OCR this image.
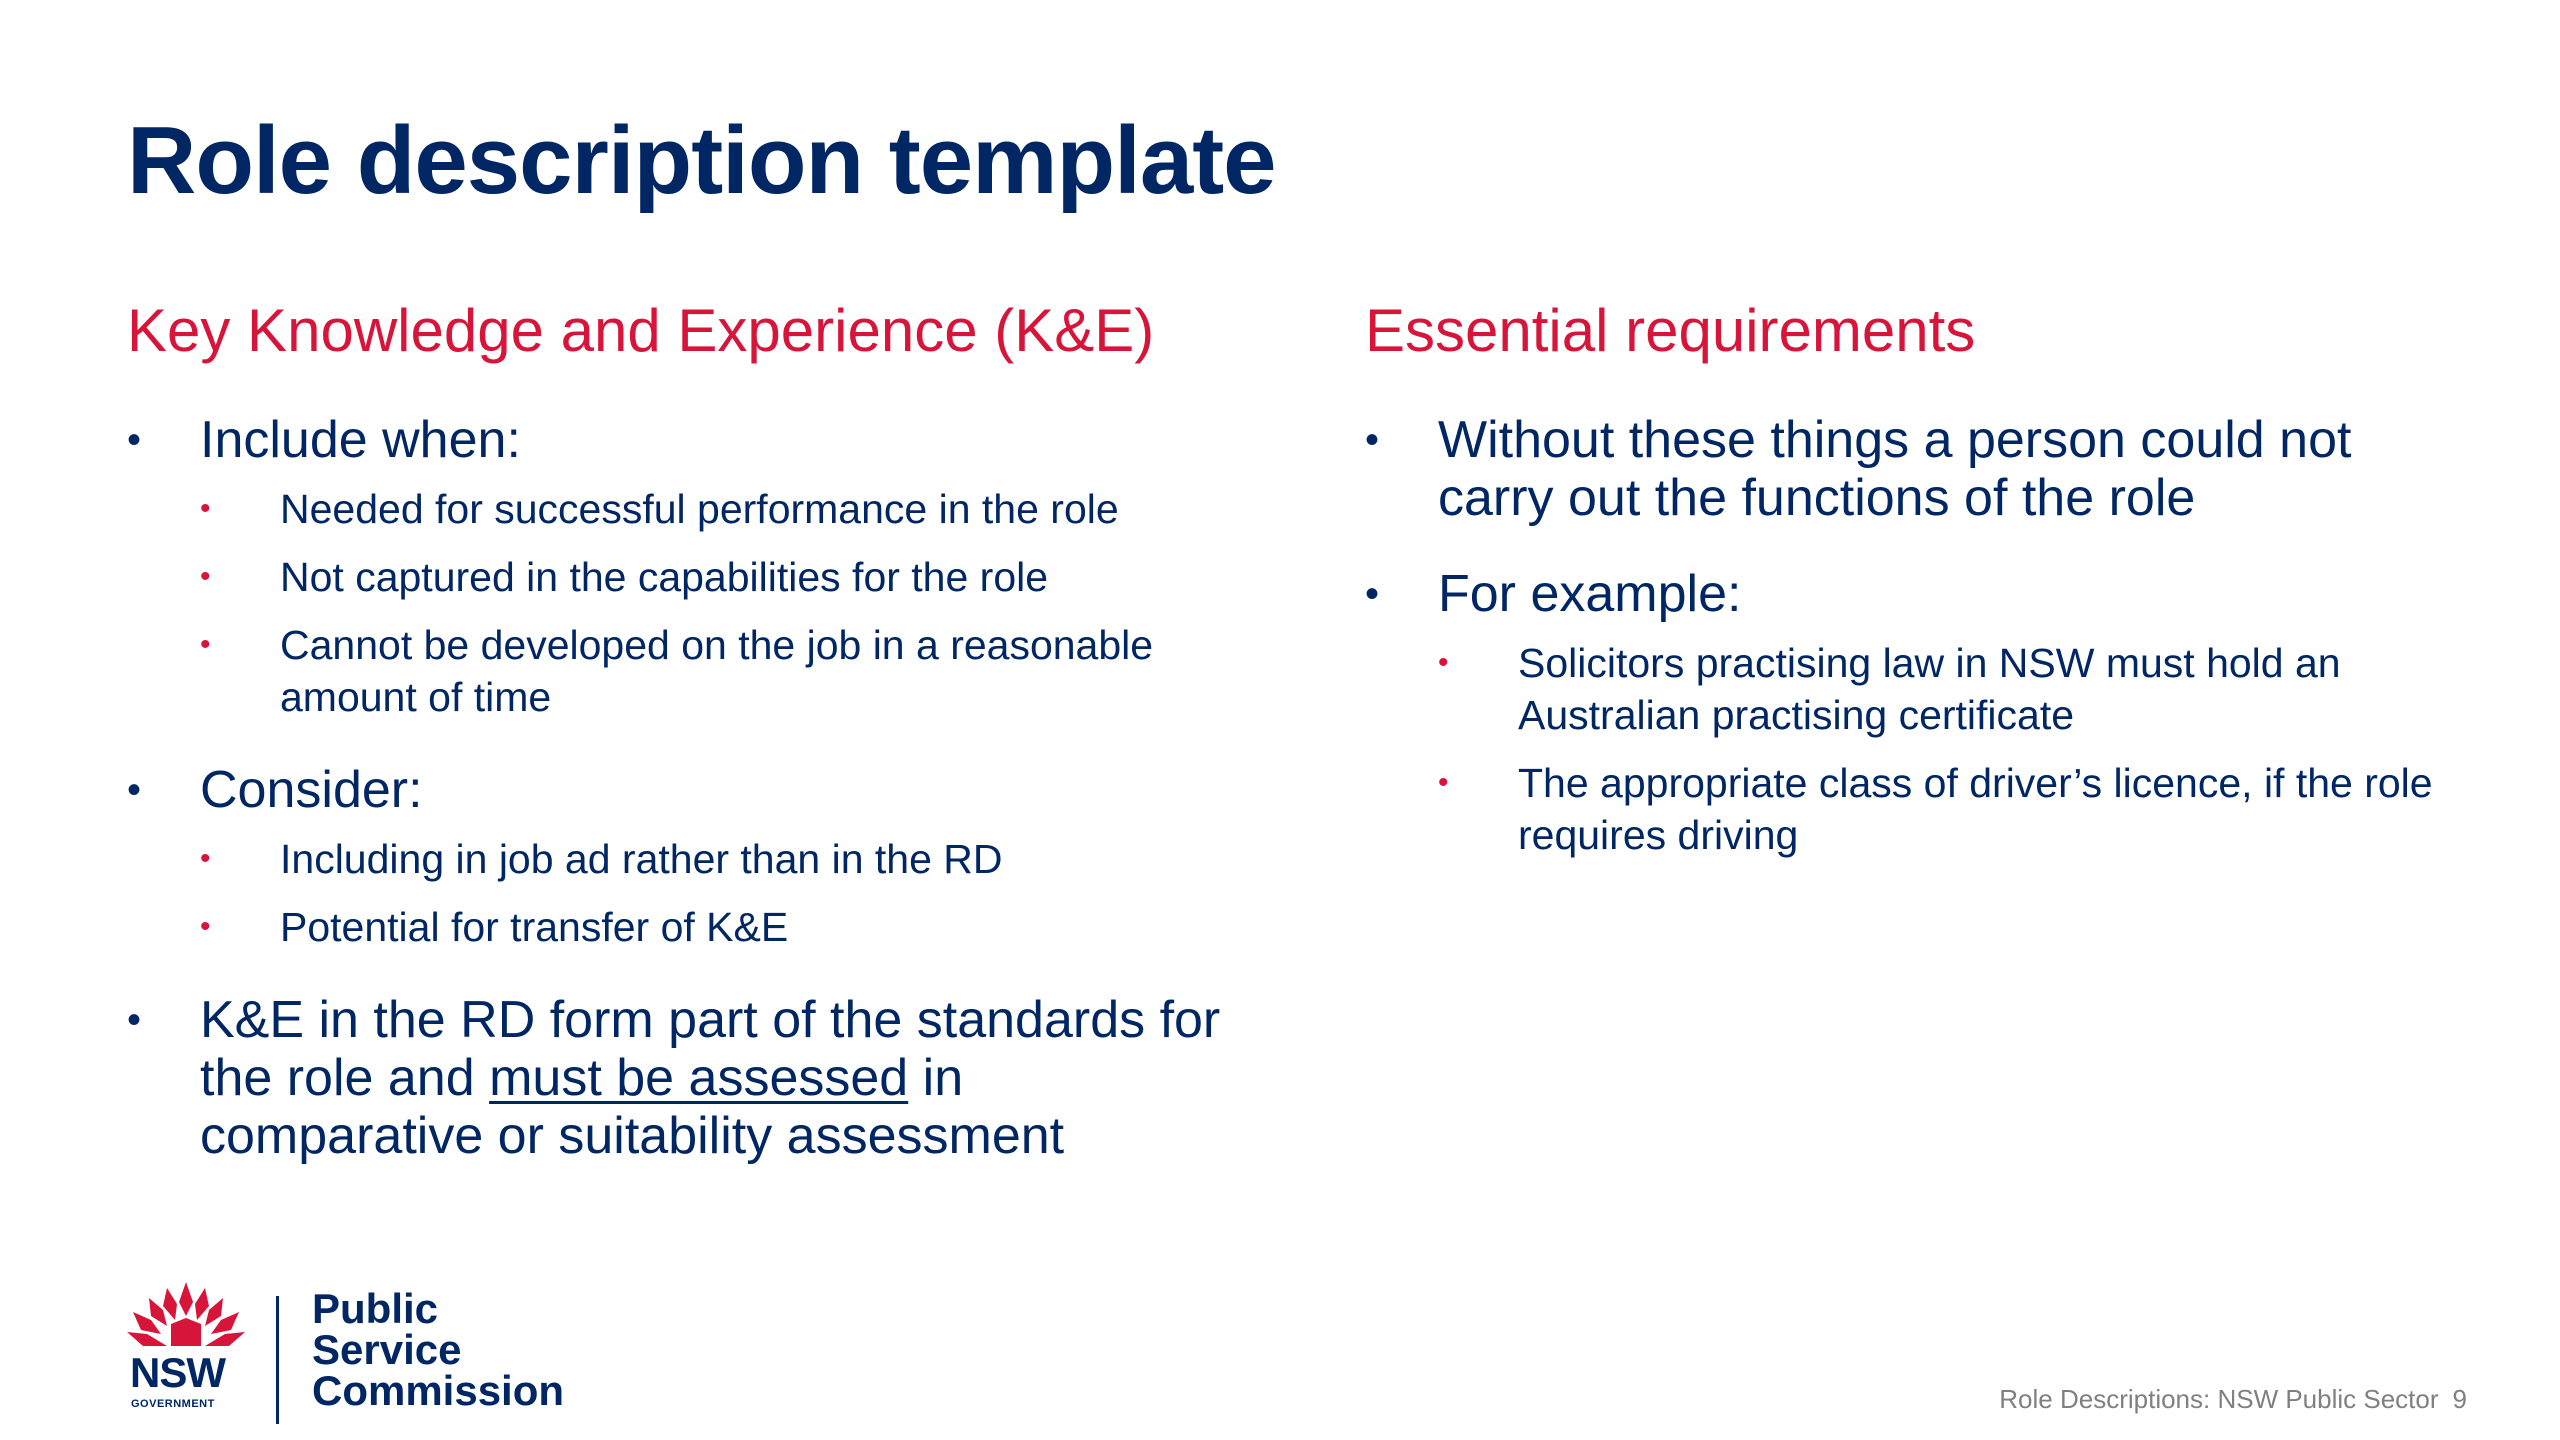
Role description template
Key Knowledge and Experience (K&E)
• Include when:
• Needed for successful performance in the role
• Not captured in the capabilities for the role
• Cannot be developed on the job in a reasonable amount of time
• Consider:
• Including in job ad rather than in the RD
• Potential for transfer of K&E
• K&E in the RD form part of the standards for the role and must be assessed in comparative or suitability assessment
Essential requirements
• Without these things a person could not carry out the functions of the role
• For example:
• Solicitors practising law in NSW must hold an Australian practising certificate
• The appropriate class of driver’s licence, if the role requires driving
NSW
GOVERNMENT
Public
Service
Commission	Role Descriptions: NSW Public Sector 9
